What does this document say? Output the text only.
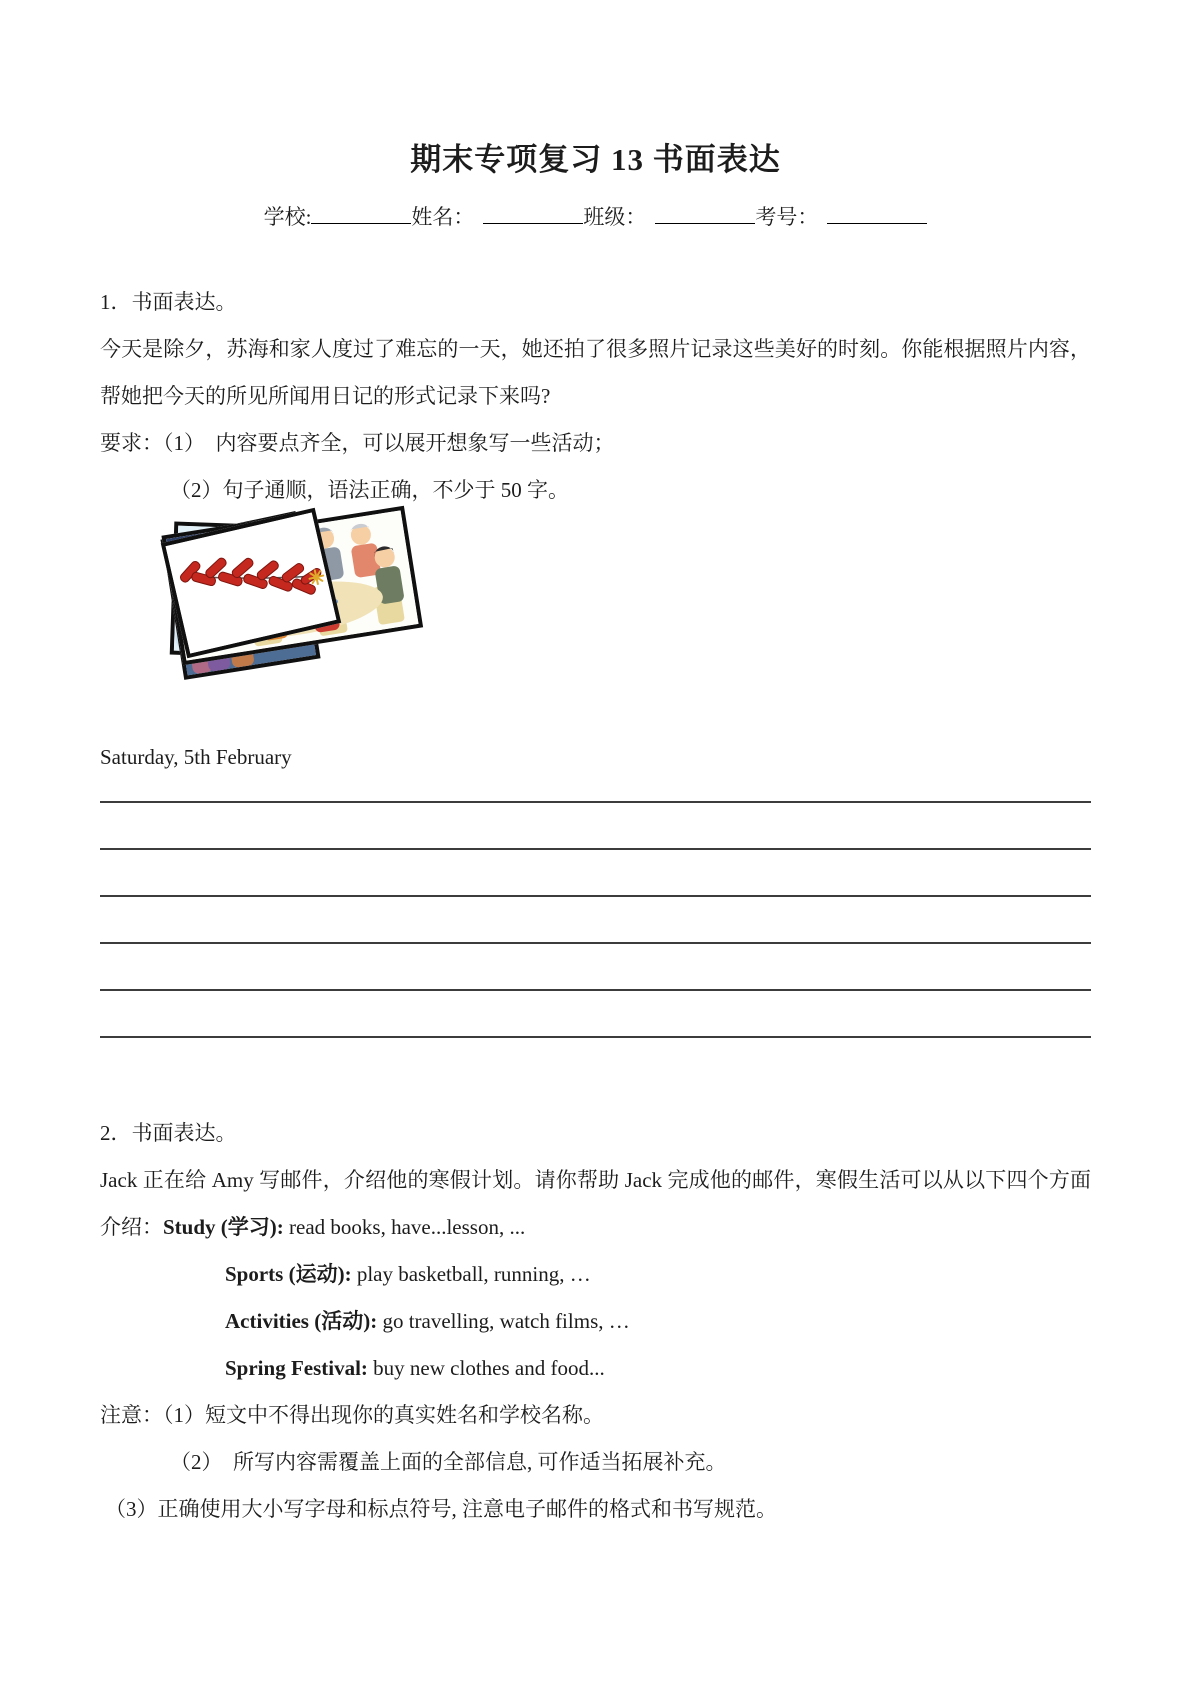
期末专项复习 13 书面表达
学校:	姓名：	班级：	考号：

1．书面表达。

今天是除夕，苏海和家人度过了难忘的一天，她还拍了很多照片记录这些美好的时刻。你能根据照片内容，帮她把今天的所见所闻用日记的形式记录下来吗?

要求：（1）　内容要点齐全，可以展开想象写一些活动；

（2）句子通顺，语法正确，不少于 50 字。

Saturday, 5th February

2．书面表达。

Jack 正在给 Amy 写邮件，介绍他的寒假计划。请你帮助 Jack 完成他的邮件，寒假生活可以从以下四个方面介绍：Study (学习): read books, have...lesson, ...

Sports (运动): play basketball, running, …

Activities (活动): go travelling, watch films, …

Spring Festival: buy new clothes and food...

注意：（1）短文中不得出现你的真实姓名和学校名称。

（2）　所写内容需覆盖上面的全部信息, 可作适当拓展补充。

（3）正确使用大小写字母和标点符号, 注意电子邮件的格式和书写规范。
